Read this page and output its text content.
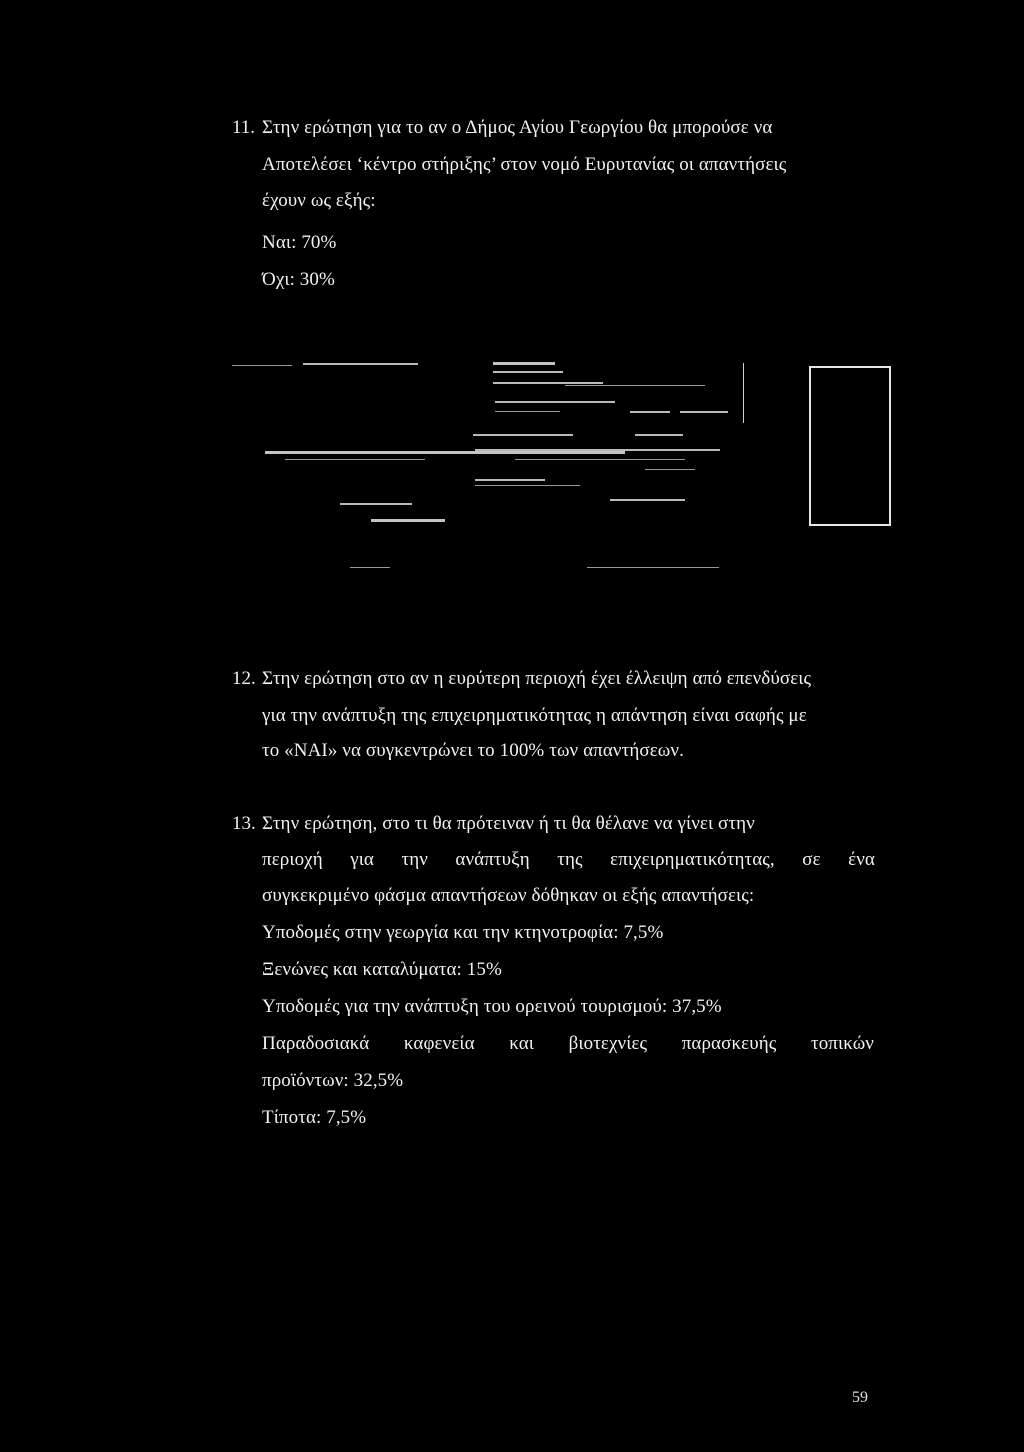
11. Στην ερώτηση για το αν ο Δήμος Αγίου Γεωργίου θα μπορούσε να
Αποτελέσει ‘κέντρο στήριξης’ στον νομό Ευρυτανίας οι απαντήσεις
έχουν ως εξής:
Ναι: 70%
Όχι: 30%
12. Στην ερώτηση στο αν η ευρύτερη περιοχή έχει έλλειψη από επενδύσεις
για την ανάπτυξη της επιχειρηματικότητας η απάντηση είναι σαφής με
το «ΝΑΙ» να συγκεντρώνει το 100% των απαντήσεων.
13. Στην ερώτηση, στο τι θα πρότειναν ή τι θα θέλανε να γίνει στην
περιοχή για την ανάπτυξη της επιχειρηματικότητας, σε ένα
συγκεκριμένο φάσμα απαντήσεων δόθηκαν οι εξής απαντήσεις:
Υποδομές στην γεωργία και την κτηνοτροφία: 7,5%
Ξενώνες και καταλύματα: 15%
Υποδομές για την ανάπτυξη του ορεινού τουρισμού: 37,5%
Παραδοσιακά καφενεία και βιοτεχνίες παρασκευής τοπικών
προϊόντων: 32,5%
Τίποτα: 7,5%
59
